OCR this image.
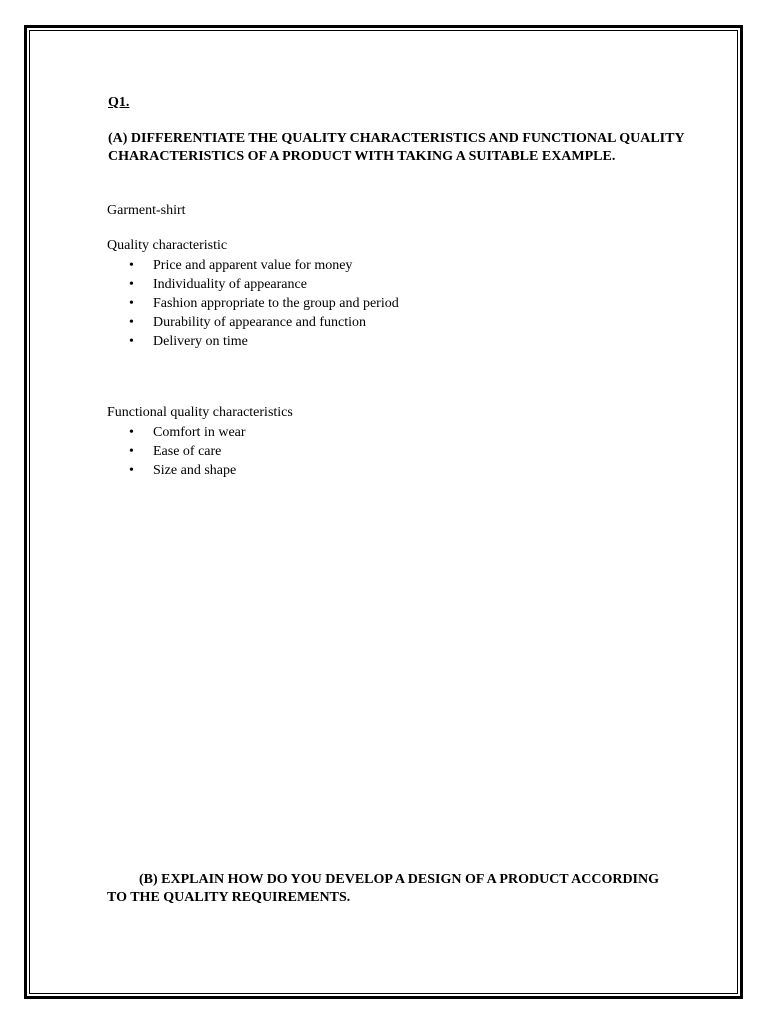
Q1.
(A) DIFFERENTIATE THE QUALITY CHARACTERISTICS AND FUNCTIONAL QUALITY CHARACTERISTICS OF A PRODUCT WITH TAKING A SUITABLE EXAMPLE.
Garment-shirt
Quality characteristic
• Price and apparent value for money
• Individuality of appearance
• Fashion appropriate to the group and period
• Durability of appearance and function
• Delivery on time
Functional quality characteristics
• Comfort in wear
• Ease of care
• Size and shape
(B) EXPLAIN HOW DO YOU DEVELOP A DESIGN OF A PRODUCT ACCORDING TO THE QUALITY REQUIREMENTS.
